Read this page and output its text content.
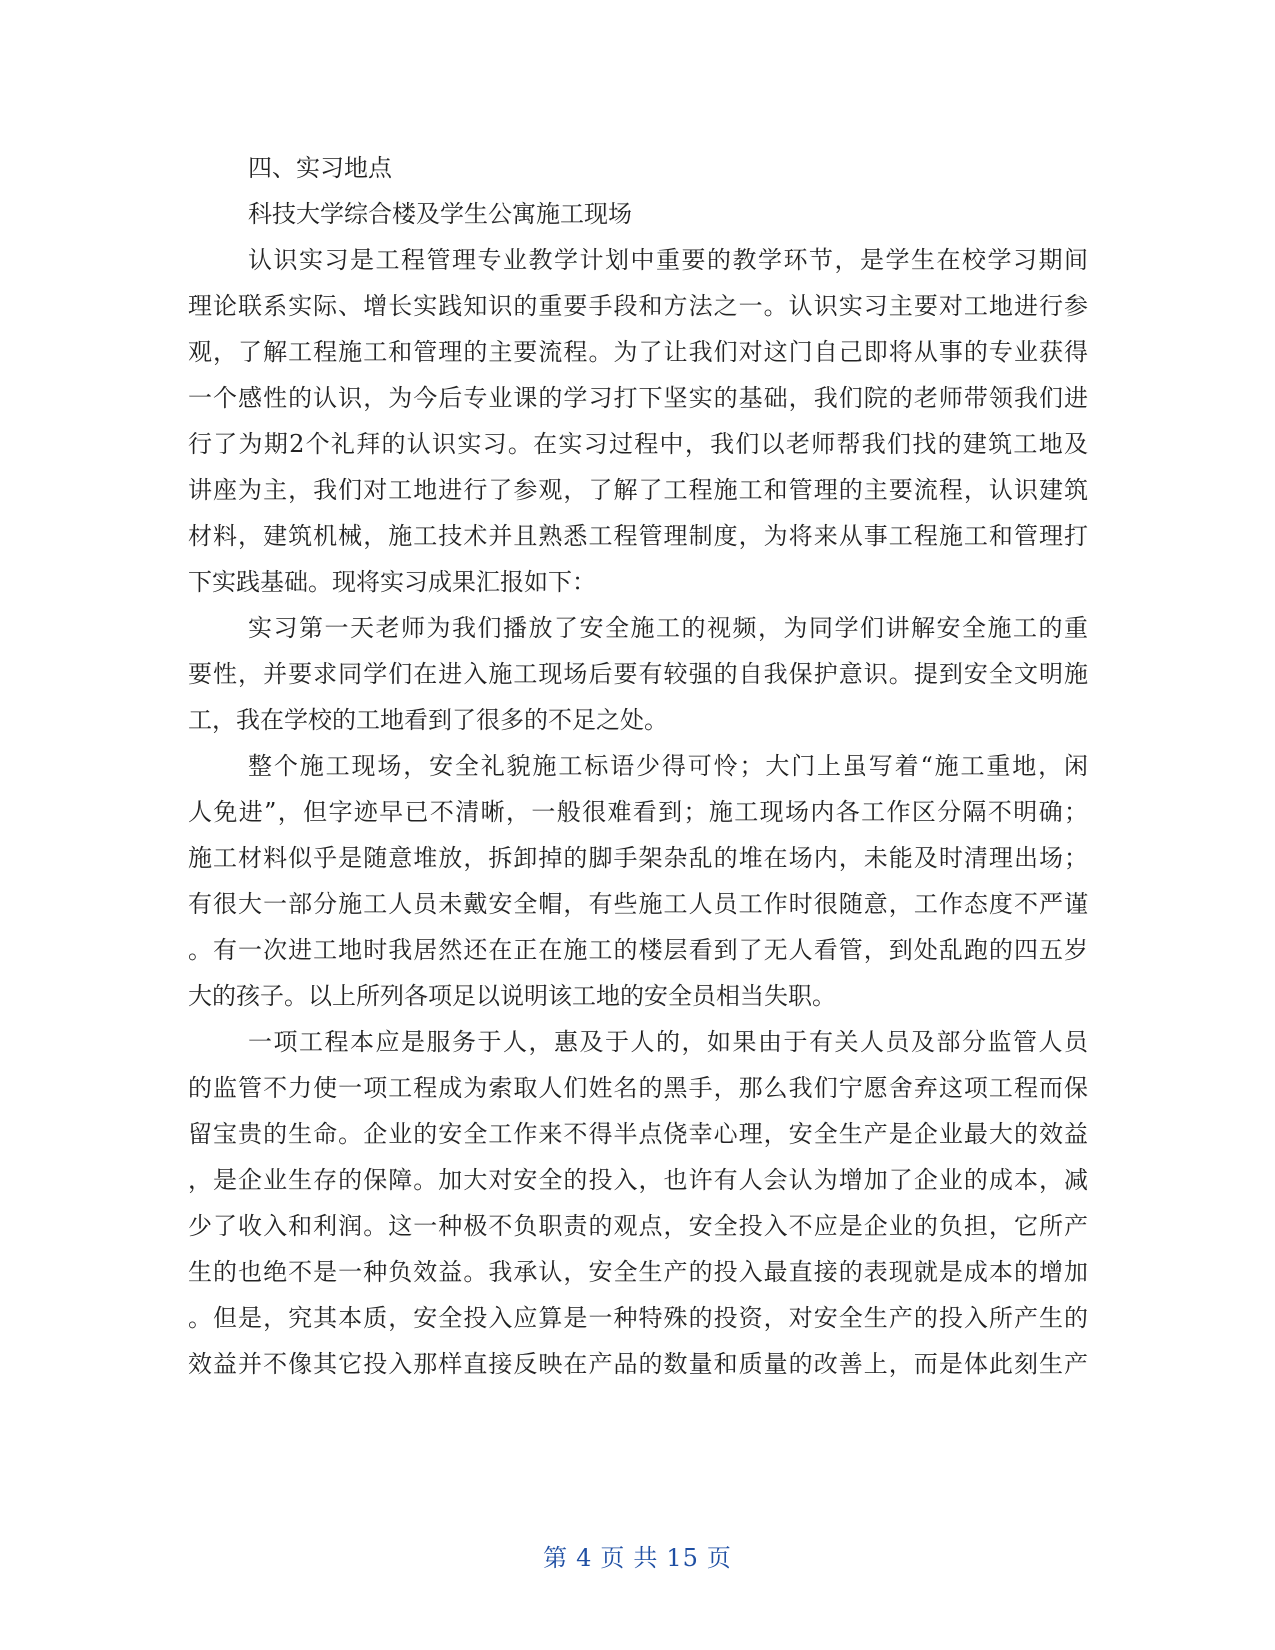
四、实习地点
科技大学综合楼及学生公寓施工现场
认识实习是工程管理专业教学计划中重要的教学环节，是学生在校学习期间
理论联系实际、增长实践知识的重要手段和方法之一。认识实习主要对工地进行参
观，了解工程施工和管理的主要流程。为了让我们对这门自己即将从事的专业获得
一个感性的认识，为今后专业课的学习打下坚实的基础，我们院的老师带领我们进
行了为期2个礼拜的认识实习。在实习过程中，我们以老师帮我们找的建筑工地及
讲座为主，我们对工地进行了参观，了解了工程施工和管理的主要流程，认识建筑
材料，建筑机械，施工技术并且熟悉工程管理制度，为将来从事工程施工和管理打
下实践基础。现将实习成果汇报如下：
实习第一天老师为我们播放了安全施工的视频，为同学们讲解安全施工的重
要性，并要求同学们在进入施工现场后要有较强的自我保护意识。提到安全文明施
工，我在学校的工地看到了很多的不足之处。
整个施工现场，安全礼貌施工标语少得可怜；大门上虽写着“施工重地，闲
人免进”，但字迹早已不清晰，一般很难看到；施工现场内各工作区分隔不明确；
施工材料似乎是随意堆放，拆卸掉的脚手架杂乱的堆在场内，未能及时清理出场；
有很大一部分施工人员未戴安全帽，有些施工人员工作时很随意，工作态度不严谨
。有一次进工地时我居然还在正在施工的楼层看到了无人看管，到处乱跑的四五岁
大的孩子。以上所列各项足以说明该工地的安全员相当失职。
一项工程本应是服务于人，惠及于人的，如果由于有关人员及部分监管人员
的监管不力使一项工程成为索取人们姓名的黑手，那么我们宁愿舍弃这项工程而保
留宝贵的生命。企业的安全工作来不得半点侥幸心理，安全生产是企业最大的效益
，是企业生存的保障。加大对安全的投入，也许有人会认为增加了企业的成本，减
少了收入和利润。这一种极不负职责的观点，安全投入不应是企业的负担，它所产
生的也绝不是一种负效益。我承认，安全生产的投入最直接的表现就是成本的增加
。但是，究其本质，安全投入应算是一种特殊的投资，对安全生产的投入所产生的
效益并不像其它投入那样直接反映在产品的数量和质量的改善上，而是体此刻生产
第 4 页 共 15 页
